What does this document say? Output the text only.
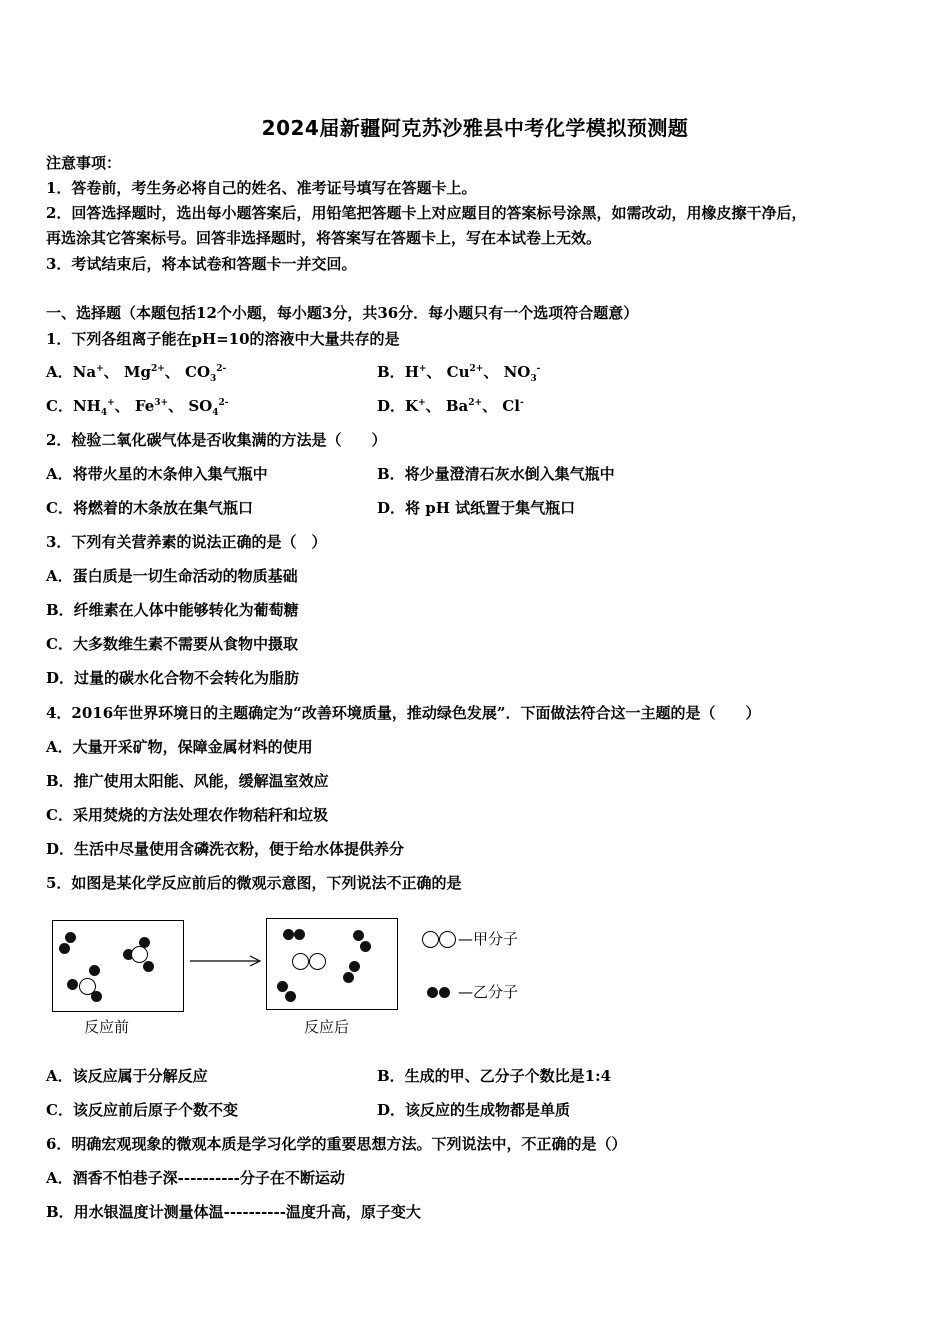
2024届新疆阿克苏沙雅县中考化学模拟预测题
注意事项：
1．答卷前，考生务必将自己的姓名、准考证号填写在答题卡上。
2．回答选择题时，选出每小题答案后，用铅笔把答题卡上对应题目的答案标号涂黑，如需改动，用橡皮擦干净后，
再选涂其它答案标号。回答非选择题时，将答案写在答题卡上，写在本试卷上无效。
3．考试结束后，将本试卷和答题卡一并交回。
一、选择题（本题包括12个小题，每小题3分，共36分．每小题只有一个选项符合题意）
1．下列各组离子能在pH=10的溶液中大量共存的是
A．Na+、 $Mg^{2+}$、 $CO_3^{2-}$	B．H+、 $Cu^{2+}$、 $NO_3^-$
C．$NH_4^+$、 $Fe^{3+}$、 $SO_4^{2-}$	D．K+、 $Ba^{2+}$、 Cl-
2．检验二氧化碳气体是否收集满的方法是（　　）
A．将带火星的木条伸入集气瓶中	B．将少量澄清石灰水倒入集气瓶中
C．将燃着的木条放在集气瓶口	D．将 pH 试纸置于集气瓶口
3．下列有关营养素的说法正确的是（　）
A．蛋白质是一切生命活动的物质基础
B．纤维素在人体中能够转化为葡萄糖
C．大多数维生素不需要从食物中摄取
D．过量的碳水化合物不会转化为脂肪
4．2016年世界环境日的主题确定为“改善环境质量，推动绿色发展”．下面做法符合这一主题的是（　　）
A．大量开采矿物，保障金属材料的使用
B．推广使用太阳能、风能，缓解温室效应
C．采用焚烧的方法处理农作物秸秆和垃圾
D．生活中尽量使用含磷洗衣粉，便于给水体提供养分
5．如图是某化学反应前后的微观示意图，下列说法不正确的是
反应前	反应后
—甲分子
—乙分子
A．该反应属于分解反应	B．生成的甲、乙分子个数比是1:4
C．该反应前后原子个数不变	D．该反应的生成物都是单质
6．明确宏观现象的微观本质是学习化学的重要思想方法。下列说法中，不正确的是（）
A．酒香不怕巷子深----------分子在不断运动
B．用水银温度计测量体温----------温度升高，原子变大
